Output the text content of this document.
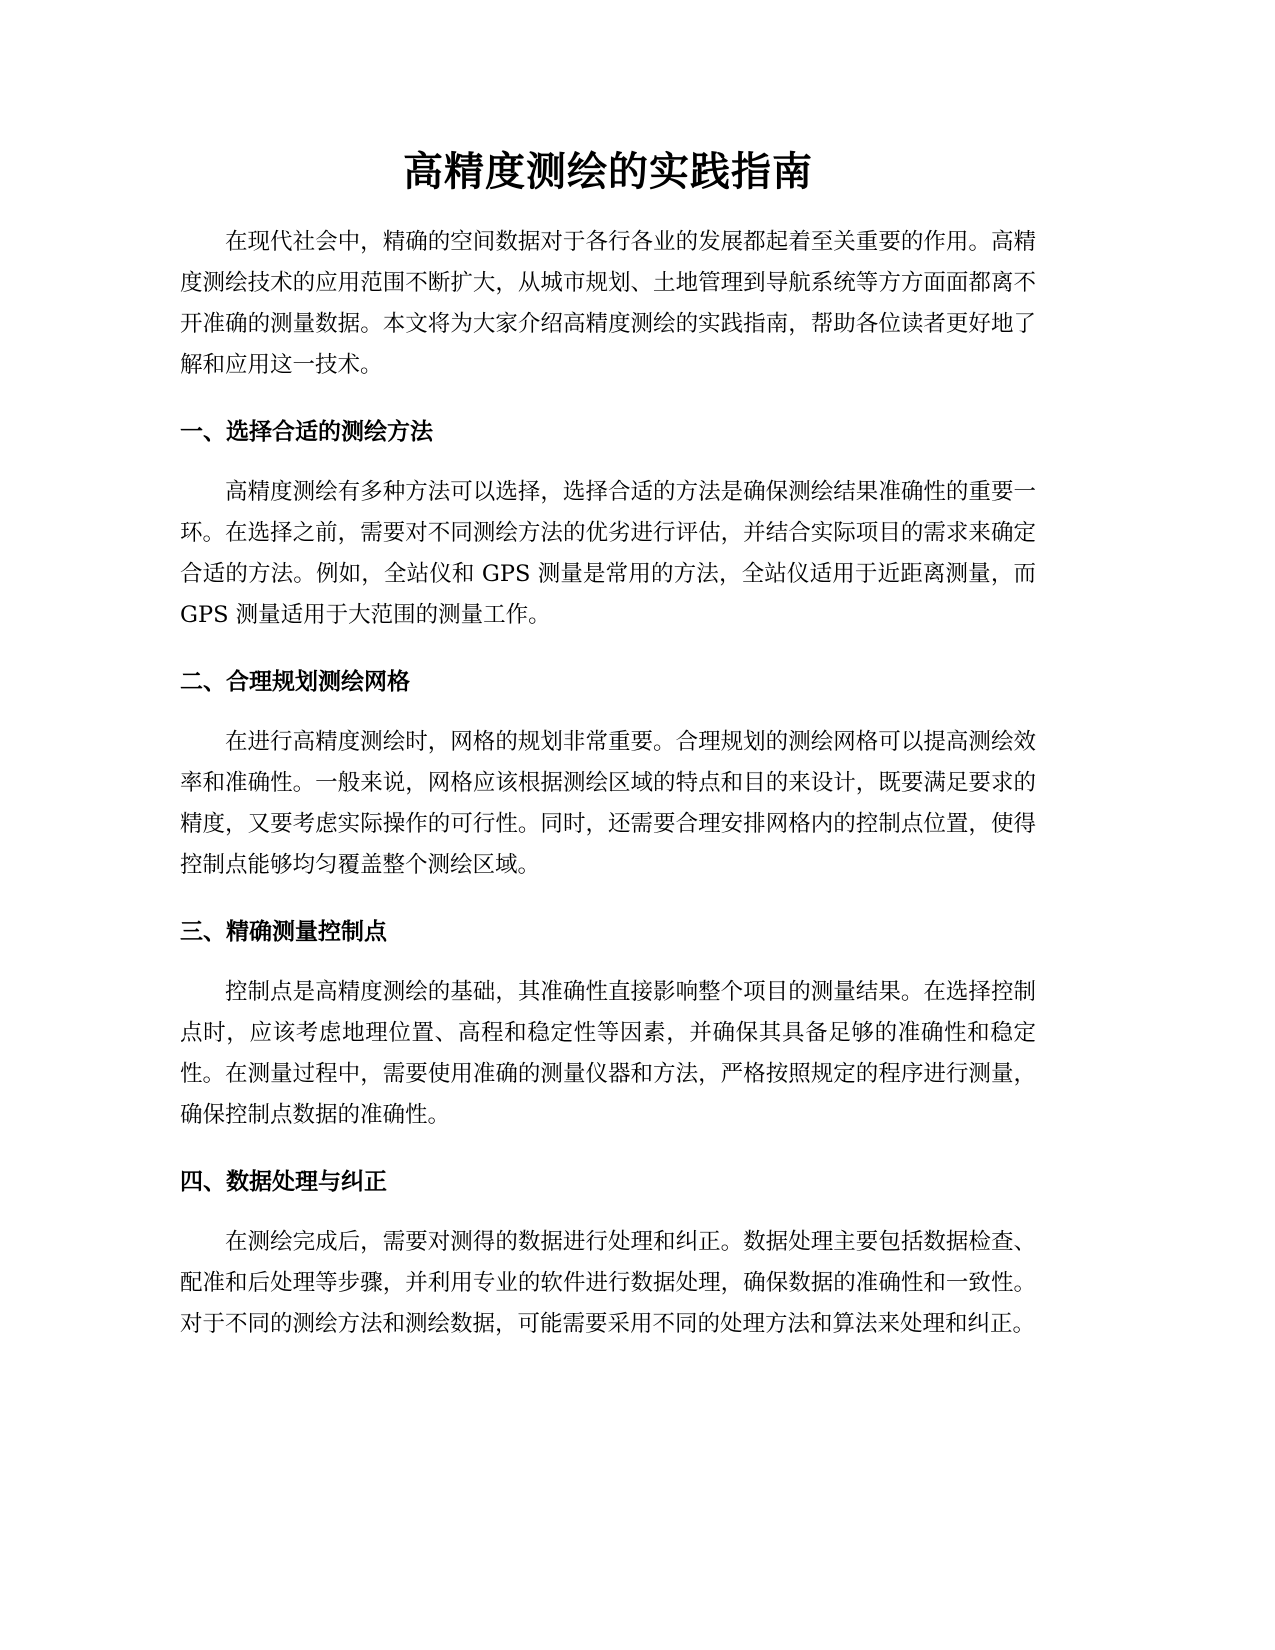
高精度测绘的实践指南

在现代社会中，精确的空间数据对于各行各业的发展都起着至关重要的作用。高精度测绘技术的应用范围不断扩大，从城市规划、土地管理到导航系统等方方面面都离不开准确的测量数据。本文将为大家介绍高精度测绘的实践指南，帮助各位读者更好地了解和应用这一技术。

一、选择合适的测绘方法

高精度测绘有多种方法可以选择，选择合适的方法是确保测绘结果准确性的重要一环。在选择之前，需要对不同测绘方法的优劣进行评估，并结合实际项目的需求来确定合适的方法。例如，全站仪和 GPS 测量是常用的方法，全站仪适用于近距离测量，而 GPS 测量适用于大范围的测量工作。

二、合理规划测绘网格

在进行高精度测绘时，网格的规划非常重要。合理规划的测绘网格可以提高测绘效率和准确性。一般来说，网格应该根据测绘区域的特点和目的来设计，既要满足要求的精度，又要考虑实际操作的可行性。同时，还需要合理安排网格内的控制点位置，使得控制点能够均匀覆盖整个测绘区域。

三、精确测量控制点

控制点是高精度测绘的基础，其准确性直接影响整个项目的测量结果。在选择控制点时，应该考虑地理位置、高程和稳定性等因素，并确保其具备足够的准确性和稳定性。在测量过程中，需要使用准确的测量仪器和方法，严格按照规定的程序进行测量，确保控制点数据的准确性。

四、数据处理与纠正

在测绘完成后，需要对测得的数据进行处理和纠正。数据处理主要包括数据检查、配准和后处理等步骤，并利用专业的软件进行数据处理，确保数据的准确性和一致性。对于不同的测绘方法和测绘数据，可能需要采用不同的处理方法和算法来处理和纠正。
